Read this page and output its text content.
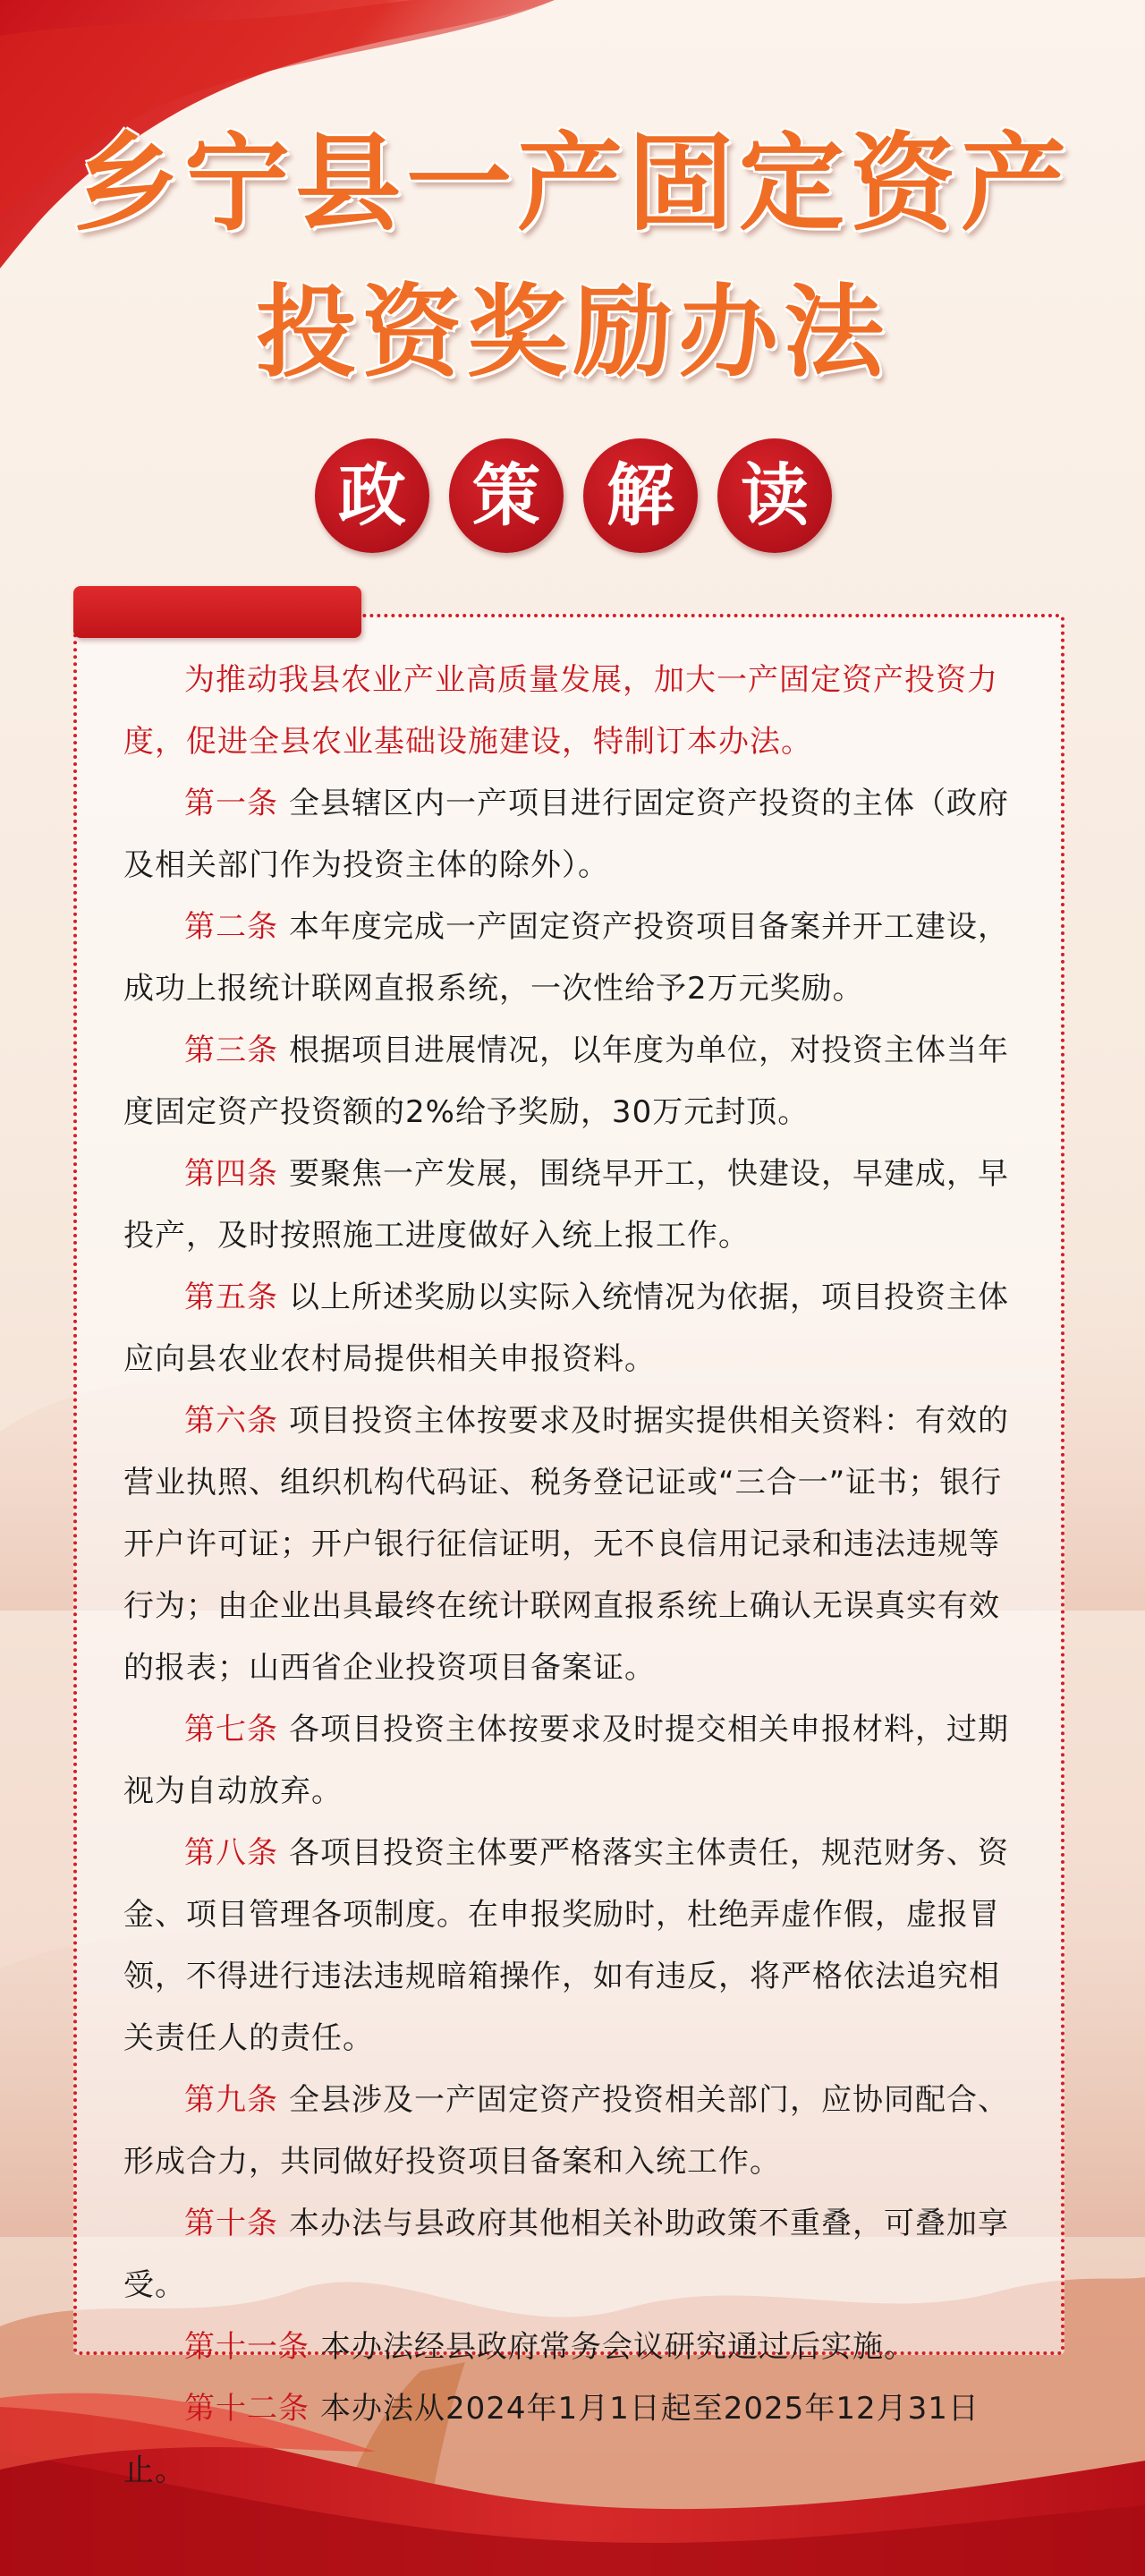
乡宁县一产固定资产
投资奖励办法
政 策 解 读

为推动我县农业产业高质量发展，加大一产固定资产投资力度，促进全县农业基础设施建设，特制订本办法。

第一条 全县辖区内一产项目进行固定资产投资的主体（政府及相关部门作为投资主体的除外）。

第二条 本年度完成一产固定资产投资项目备案并开工建设，成功上报统计联网直报系统，一次性给予2万元奖励。

第三条 根据项目进展情况，以年度为单位，对投资主体当年度固定资产投资额的2%给予奖励，30万元封顶。

第四条 要聚焦一产发展，围绕早开工，快建设，早建成，早投产，及时按照施工进度做好入统上报工作。

第五条 以上所述奖励以实际入统情况为依据，项目投资主体应向县农业农村局提供相关申报资料。

第六条 项目投资主体按要求及时据实提供相关资料：有效的营业执照、组织机构代码证、税务登记证或“三合一”证书；银行开户许可证；开户银行征信证明，无不良信用记录和违法违规等行为；由企业出具最终在统计联网直报系统上确认无误真实有效的报表；山西省企业投资项目备案证。

第七条 各项目投资主体按要求及时提交相关申报材料，过期视为自动放弃。

第八条 各项目投资主体要严格落实主体责任，规范财务、资金、项目管理各项制度。在申报奖励时，杜绝弄虚作假，虚报冒领，不得进行违法违规暗箱操作，如有违反，将严格依法追究相关责任人的责任。

第九条 全县涉及一产固定资产投资相关部门，应协同配合、形成合力，共同做好投资项目备案和入统工作。

第十条 本办法与县政府其他相关补助政策不重叠，可叠加享受。

第十一条 本办法经县政府常务会议研究通过后实施。

第十二条 本办法从2024年1月1日起至2025年12月31日止。
